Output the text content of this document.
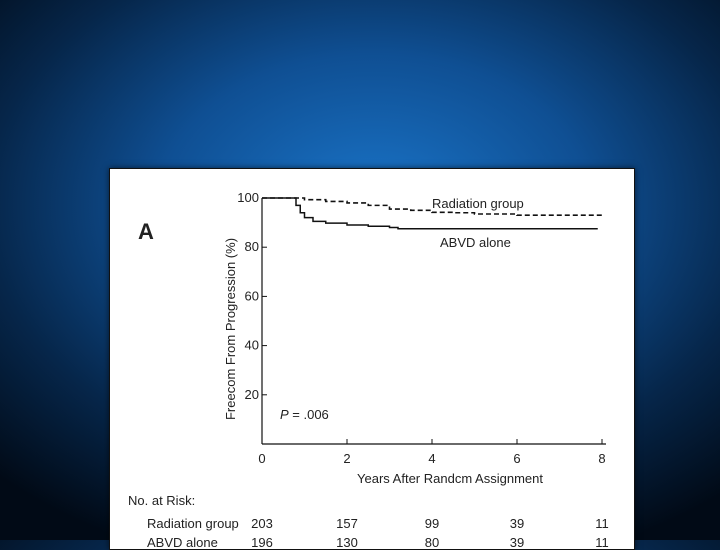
A
Freecom From Progression (%)
Years After Randcm Assignment
0	2	4	6	8
20
40
60
80
100	Radiation group
ABVD alone
P = .006
No. at Risk:
Radiation group 203	157	99	39	11
ABVD alone	196	130	80	39	11
